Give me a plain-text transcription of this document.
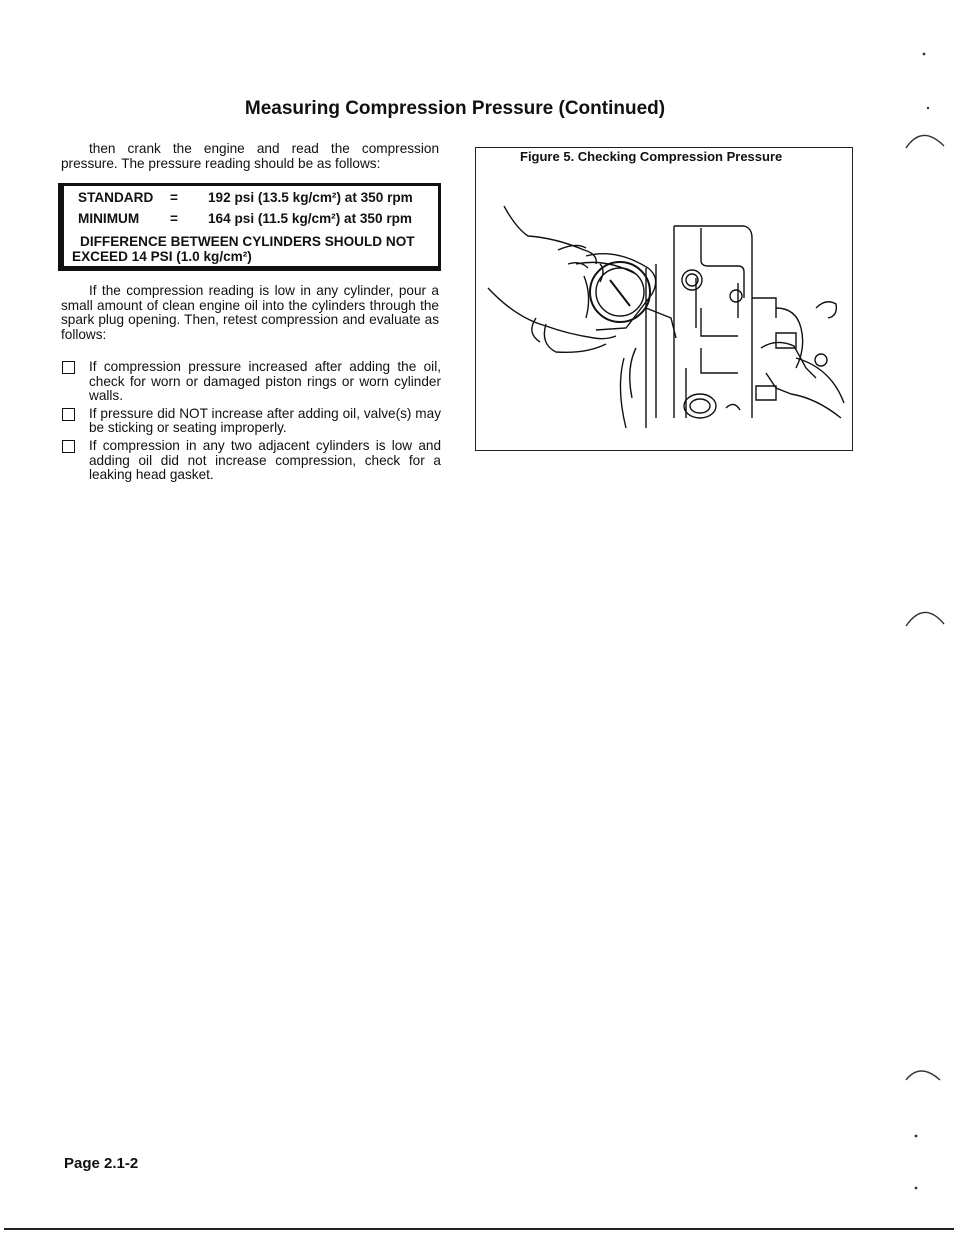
Measuring Compression Pressure (Continued)
then crank the engine and read the compression pressure. The pressure reading should be as follows:
STANDARD = 192 psi (13.5 kg/cm²) at 350 rpm
MINIMUM = 164 psi (11.5 kg/cm²) at 350 rpm
DIFFERENCE BETWEEN CYLINDERS SHOULD NOT EXCEED 14 PSI (1.0 kg/cm²)
If the compression reading is low in any cylinder, pour a small amount of clean engine oil into the cylinders through the spark plug opening. Then, retest compression and evaluate as follows:
If compression pressure increased after adding the oil, check for worn or damaged piston rings or worn cylinder walls.
If pressure did NOT increase after adding oil, valve(s) may be sticking or seating improperly.
If compression in any two adjacent cylinders is low and adding oil did not increase compression, check for a leaking head gasket.
Figure 5. Checking Compression Pressure
Page 2.1-2
